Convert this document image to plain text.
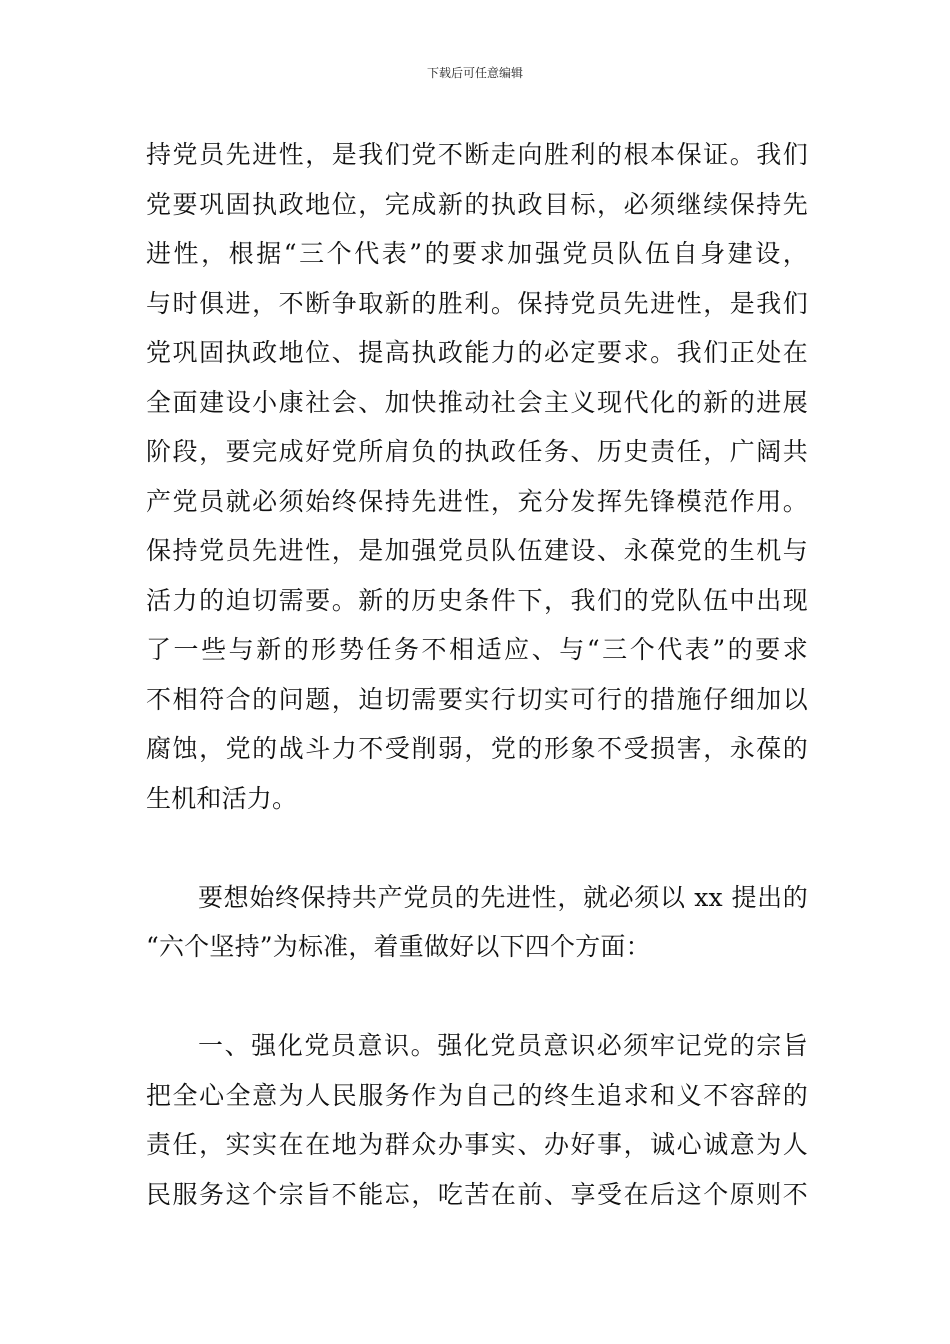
下载后可任意编辑
持党员先进性，是我们党不断走向胜利的根本保证。我们
党要巩固执政地位，完成新的执政目标，必须继续保持先
进性，根据“三个代表”的要求加强党员队伍自身建设，
与时俱进，不断争取新的胜利。保持党员先进性，是我们
党巩固执政地位、提高执政能力的必定要求。我们正处在
全面建设小康社会、加快推动社会主义现代化的新的进展
阶段，要完成好党所肩负的执政任务、历史责任，广阔共
产党员就必须始终保持先进性，充分发挥先锋模范作用。
保持党员先进性，是加强党员队伍建设、永葆党的生机与
活力的迫切需要。新的历史条件下，我们的党队伍中出现
了一些与新的形势任务不相适应、与“三个代表”的要求
不相符合的问题，迫切需要实行切实可行的措施仔细加以
腐蚀，党的战斗力不受削弱，党的形象不受损害，永葆的
生机和活力。
要想始终保持共产党员的先进性，就必须以 xx 提出的
“六个坚持”为标准，着重做好以下四个方面：
一、强化党员意识。强化党员意识必须牢记党的宗旨
把全心全意为人民服务作为自己的终生追求和义不容辞的
责任，实实在在地为群众办事实、办好事，诚心诚意为人
民服务这个宗旨不能忘，吃苦在前、享受在后这个原则不
